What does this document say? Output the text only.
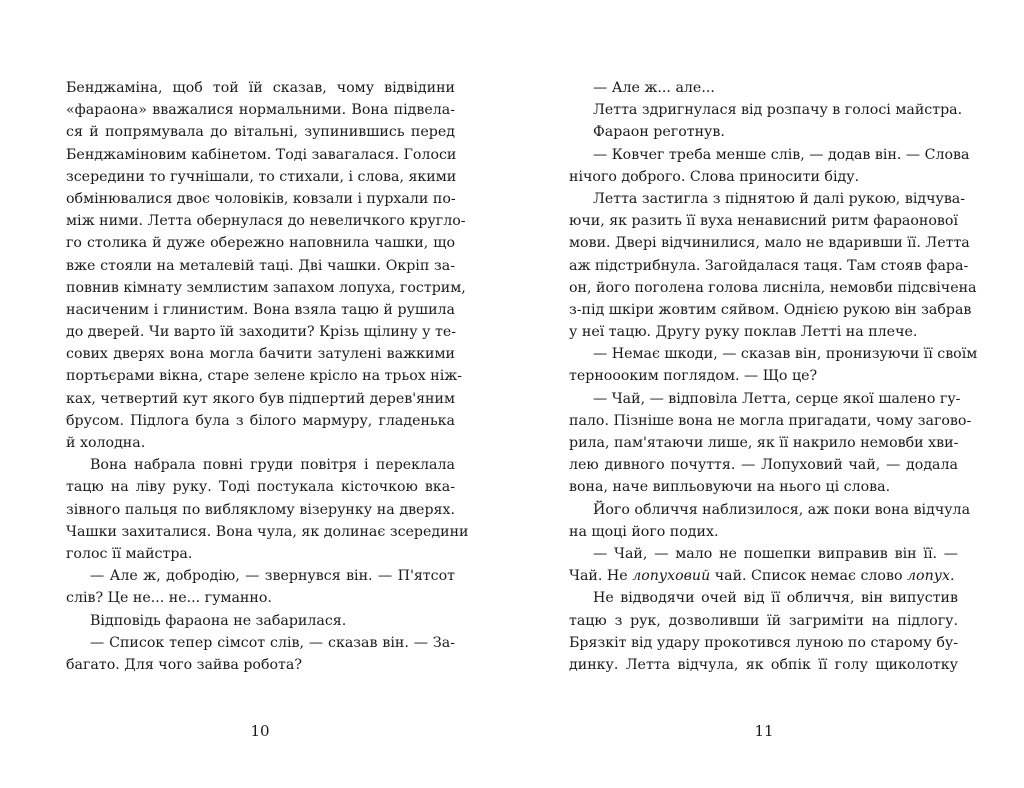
Бенджаміна, щоб той їй сказав, чому відвідини
«фараона» вважалися нормальними. Вона підвела-
ся й попрямувала до вітальні, зупинившись перед
Бенджаміновим кабінетом. Тоді завагалася. Голоси
зсередини то гучнішали, то стихали, і слова, якими
обмінювалися двоє чоловіків, ковзали і пурхали по-
між ними. Летта обернулася до невеличкого кругло-
го столика й дуже обережно наповнила чашки, що
вже стояли на металевій таці. Дві чашки. Окріп за-
повнив кімнату землистим запахом лопуха, гострим,
насиченим і глинистим. Вона взяла тацю й рушила
до дверей. Чи варто їй заходити? Крізь щілину у те-
сових дверях вона могла бачити затулені важкими
портьєрами вікна, старе зелене крісло на трьох ніж-
ках, четвертий кут якого був підпертий дерев'яним
брусом. Підлога була з білого мармуру, гладенька
й холодна.
Вона набрала повні груди повітря і переклала
тацю на ліву руку. Тоді постукала кісточкою вка-
зівного пальця по вибляклому візерунку на дверях.
Чашки захиталися. Вона чула, як долинає зсередини
голос її майстра.
— Але ж, добродію, — звернувся він. — П'ятсот
слів? Це не... не... гуманно.
Відповідь фараона не забарилася.
— Список тепер сімсот слів, — сказав він. — За-
багато. Для чого зайва робота?
— Але ж... але...
Летта здригнулася від розпачу в голосі майстра.
Фараон реготнув.
— Ковчег треба менше слів, — додав він. — Слова
нічого доброго. Слова приносити біду.
Летта застигла з піднятою й далі рукою, відчува-
ючи, як разить її вуха ненависний ритм фараонової
мови. Двері відчинилися, мало не вдаривши її. Летта
аж підстрибнула. Загойдалася таця. Там стояв фара-
он, його поголена голова лисніла, немовби підсвічена
з-під шкіри жовтим сяйвом. Однією рукою він забрав
у неї тацю. Другу руку поклав Летті на плече.
— Немає шкоди, — сказав він, пронизуючи її своїм
терноооким поглядом. — Що це?
— Чай, — відповіла Летта, серце якої шалено гу-
пало. Пізніше вона не могла пригадати, чому загово-
рила, пам'ятаючи лише, як її накрило немовби хви-
лею дивного почуття. — Лопуховий чай, — додала
вона, наче випльовуючи на нього ці слова.
Його обличчя наблизилося, аж поки вона відчула
на щоці його подих.
— Чай, — мало не пошепки виправив він її. —
Чай. Не лопуховий чай. Список немає слово лопух.
Не відводячи очей від її обличчя, він випустив
тацю з рук, дозволивши їй загриміти на підлогу.
Брязкіт від удару прокотився луною по старому бу-
динку. Летта відчула, як обпік її голу щиколотку
10	11
